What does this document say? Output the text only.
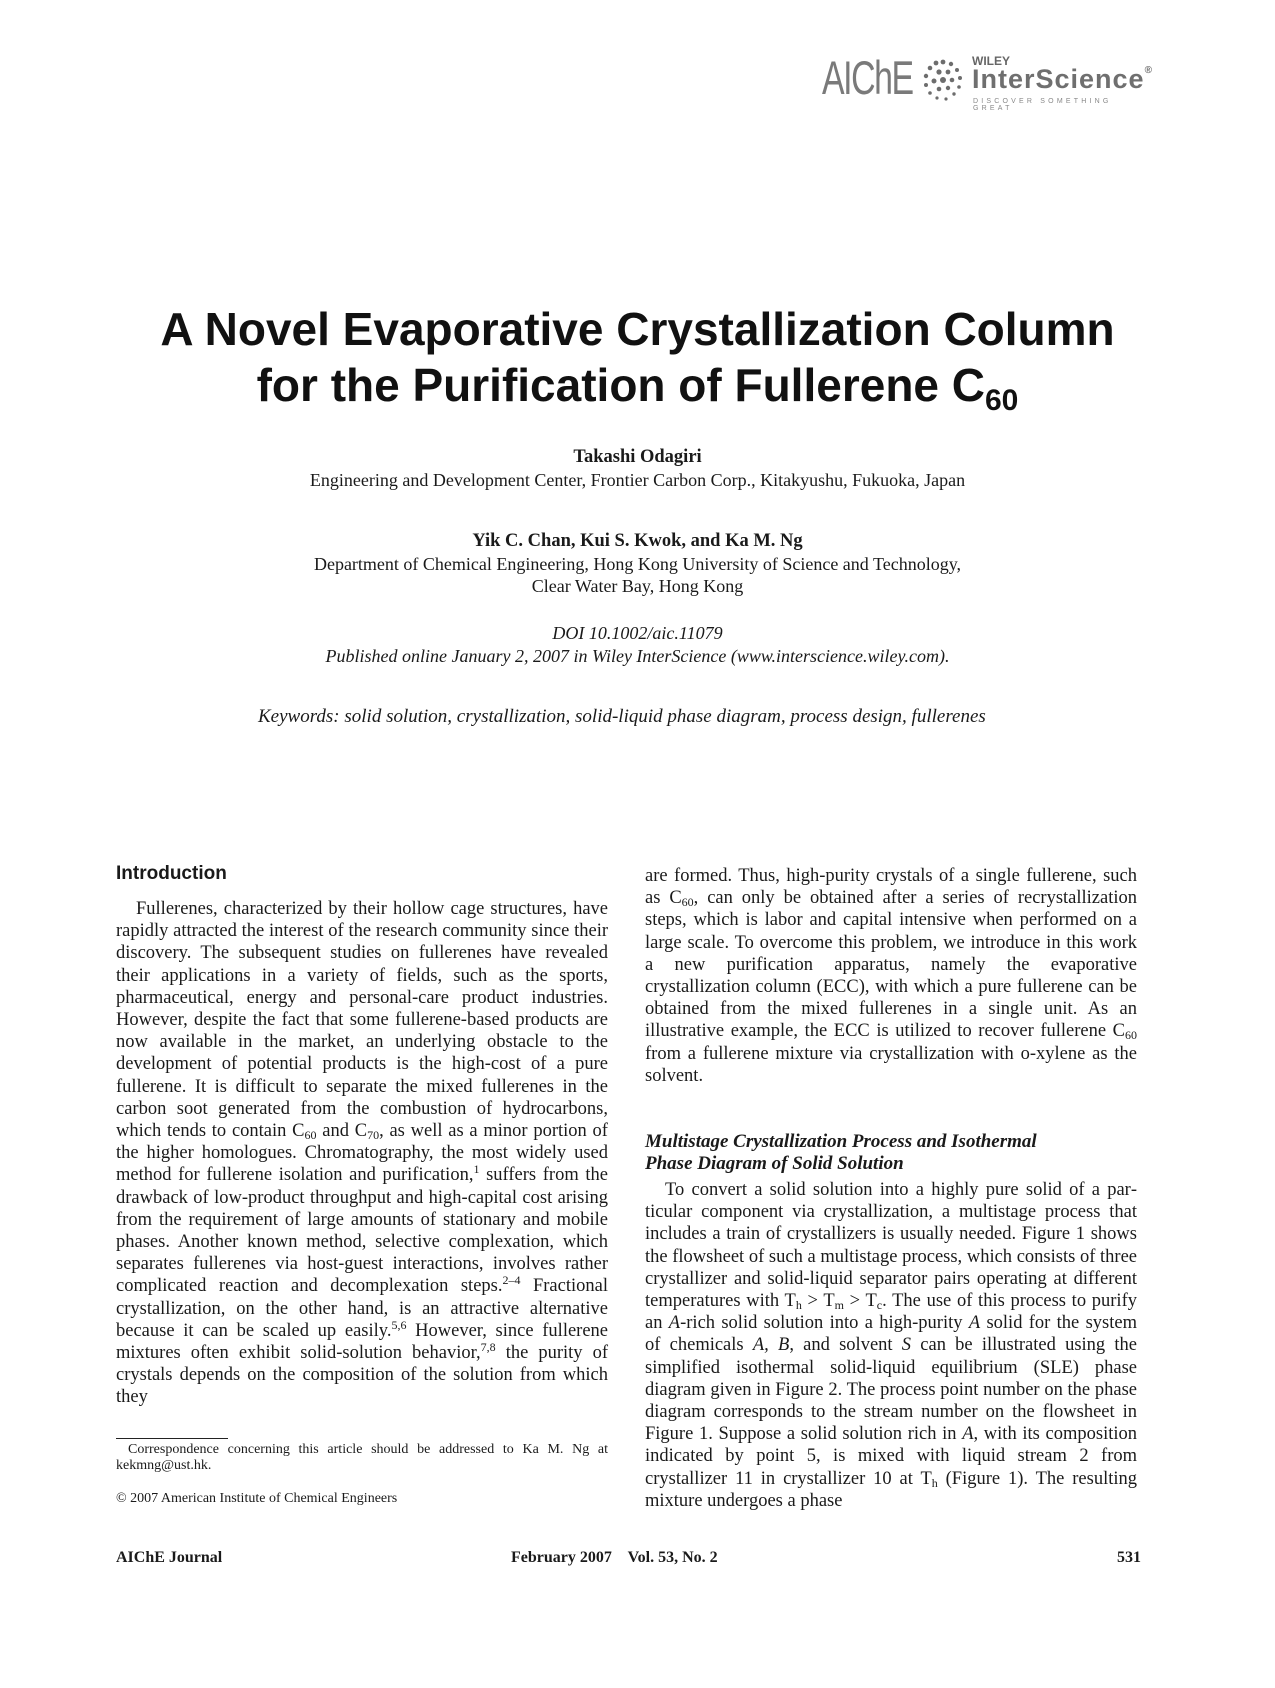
AIChE	WILEY
InterScience®
DISCOVER SOMETHING GREAT
A Novel Evaporative Crystallization Column
for the Purification of Fullerene C60
Takashi Odagiri
Engineering and Development Center, Frontier Carbon Corp., Kitakyushu, Fukuoka, Japan
Yik C. Chan, Kui S. Kwok, and Ka M. Ng
Department of Chemical Engineering, Hong Kong University of Science and Technology,
Clear Water Bay, Hong Kong
DOI 10.1002/aic.11079
Published online January 2, 2007 in Wiley InterScience (www.interscience.wiley.com).
Keywords: solid solution, crystallization, solid-liquid phase diagram, process design, fullerenes
Introduction

Fullerenes, characterized by their hollow cage structures, have rapidly attracted the interest of the research community since their discovery. The subsequent studies on fullerenes have revealed their applications in a variety of fields, such as the sports, pharmaceutical, energy and personal-care product industries. However, despite the fact that some fullerene-based products are now available in the market, an underlying obstacle to the development of potential products is the high-cost of a pure fullerene. It is difficult to separate the mixed fullerenes in the carbon soot generated from the combustion of hydrocarbons, which tends to contain $C_{60}$ and $C_{70}$, as well as a minor portion of the higher homologues. Chromatography, the most widely used method for fullerene isolation and purification,$^1$ suffers from the drawback of low-product throughput and high-capital cost arising from the requirement of large amounts of stationary and mobile phases. Another known method, selective complexation, which separates fullerenes via host-guest interactions, involves rather complicated reaction and decomplexation steps.$^{2-4}$ Fractional crystallization, on the other hand, is an attractive alternative because it can be scaled up easily.$^{5,6}$ However, since fullerene mixtures often exhibit solid-solution behavior,$^{7,8}$ the purity of crystals depends on the composition of the solution from which they

are formed. Thus, high-purity crystals of a single fullerene, such as $C_{60}$, can only be obtained after a series of recrystallization steps, which is labor and capital intensive when performed on a large scale. To overcome this problem, we introduce in this work a new purification apparatus, namely the evaporative crystallization column (ECC), with which a pure fullerene can be obtained from the mixed fullerenes in a single unit. As an illustrative example, the ECC is utilized to recover fullerene $C_{60}$ from a fullerene mixture via crystallization with o-xylene as the solvent.

Multistage Crystallization Process and Isothermal
Phase Diagram of Solid Solution

To convert a solid solution into a highly pure solid of a particular component via crystallization, a multistage process that includes a train of crystallizers is usually needed. Figure 1 shows the flowsheet of such a multistage process, which consists of three crystallizer and solid-liquid separator pairs operating at different temperatures with $T_h > T_m > T_c$. The use of this process to purify an A-rich solid solution into a high-purity A solid for the system of chemicals A, B, and solvent S can be illustrated using the simplified isothermal solid-liquid equilibrium (SLE) phase diagram given in Figure 2. The process point number on the phase diagram corresponds to the stream number on the flowsheet in Figure 1. Suppose a solid solution rich in A, with its composition indicated by point 5, is mixed with liquid stream 2 from crystallizer 11 in crystallizer 10 at $T_h$ (Figure 1). The resulting mixture undergoes a phase

Correspondence concerning this article should be addressed to Ka M. Ng at kekmng@ust.hk.
© 2007 American Institute of Chemical Engineers
AIChE Journal	February 2007    Vol. 53, No. 2	531
